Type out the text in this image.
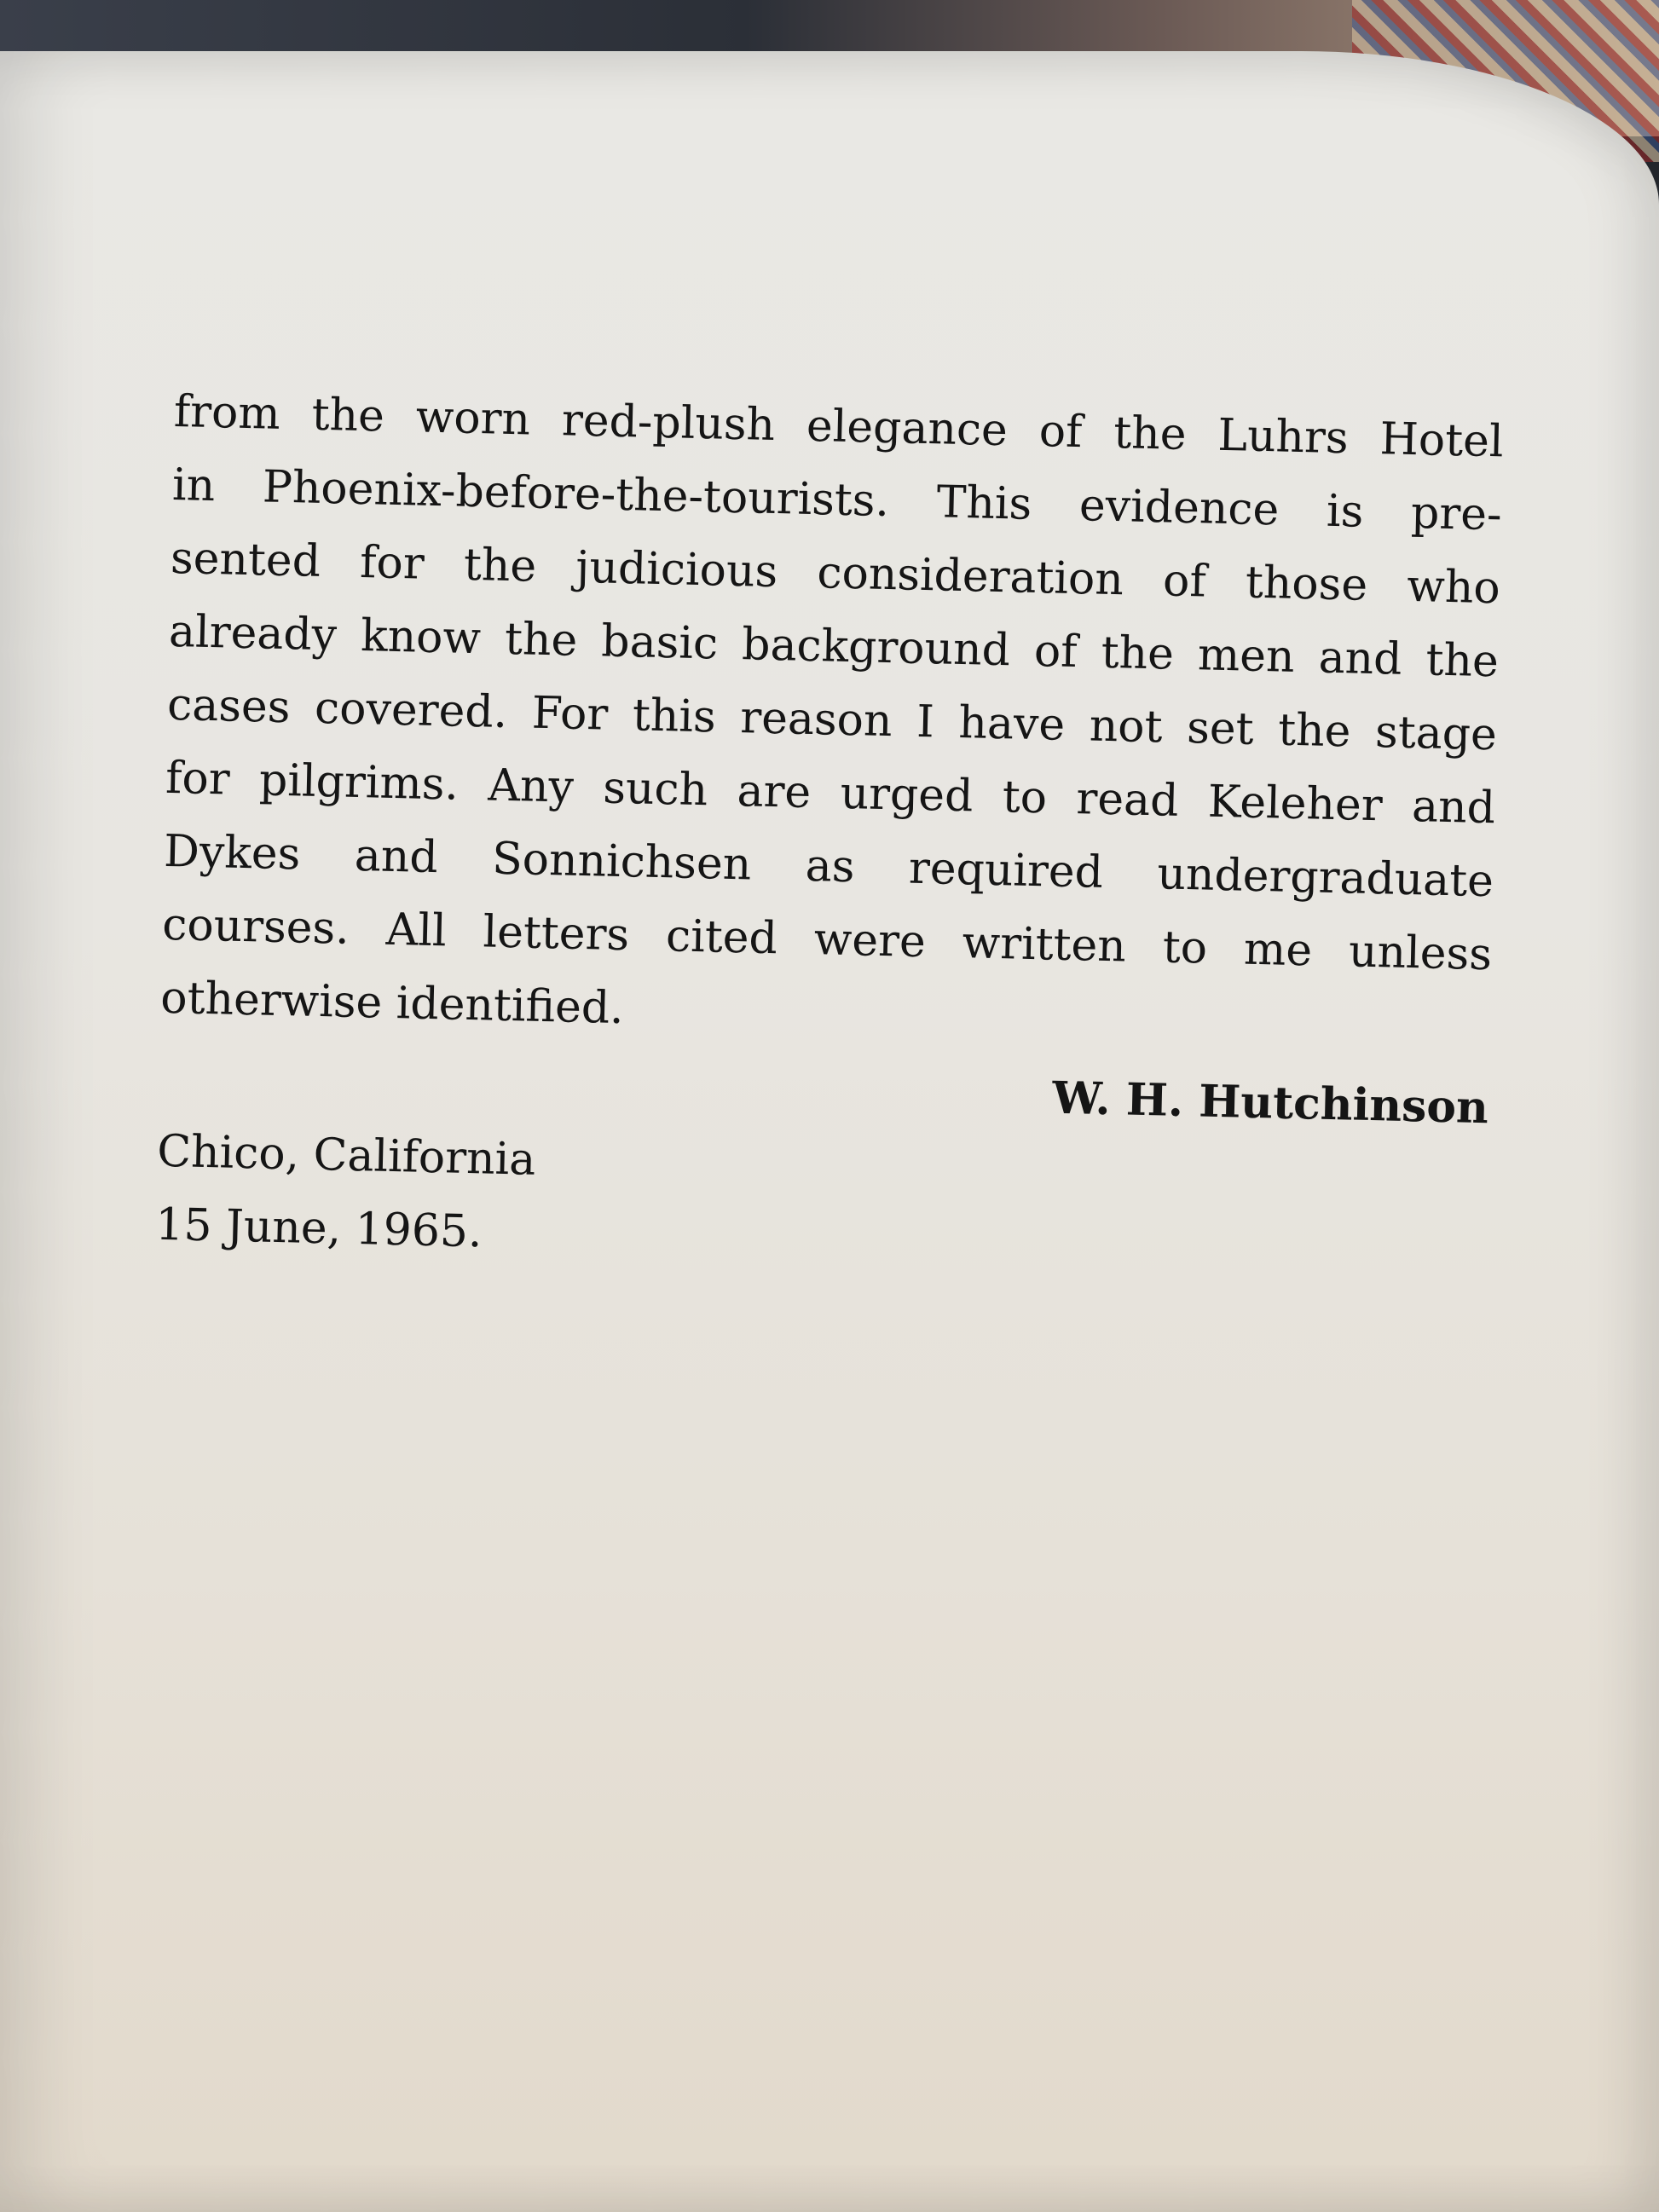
from the worn red-plush elegance of the Luhrs Hotel
in Phoenix-before-the-tourists. This evidence is pre-
sented for the judicious consideration of those who
already know the basic background of the men and the
cases covered. For this reason I have not set the stage
for pilgrims. Any such are urged to read Keleher and
Dykes and Sonnichsen as required undergraduate
courses. All letters cited were written to me unless
otherwise identified.
W. H. Hutchinson
Chico, California
15 June, 1965.
